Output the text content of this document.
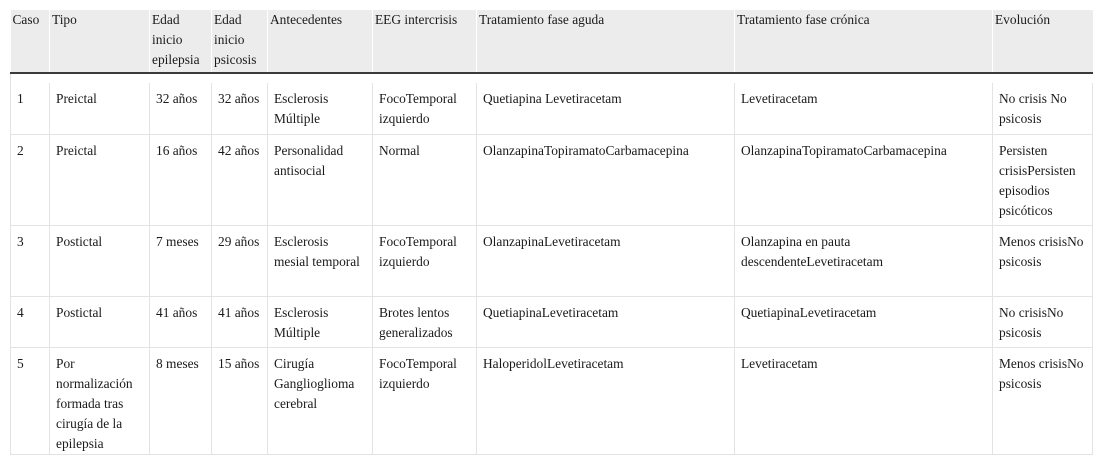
Caso	Tipo	Edad inicio epilepsia	Edad inicio psicosis	Antecedentes	EEG intercrisis	Tratamiento fase aguda	Tratamiento fase crónica	Evolución

1	Preictal	32 años	32 años	Esclerosis Múltiple	FocoTemporal izquierdo	Quetiapina Levetiracetam	Levetiracetam	No crisis No psicosis
2	Preictal	16 años	42 años	Personalidad antisocial	Normal	OlanzapinaTopiramatoCarbamacepina	OlanzapinaTopiramatoCarbamacepina	Persisten crisisPersisten episodios psicóticos
3	Postictal	7 meses	29 años	Esclerosis mesial temporal	FocoTemporal izquierdo	OlanzapinaLevetiracetam	Olanzapina en pauta descendenteLevetiracetam	Menos crisisNo psicosis
4	Postictal	41 años	41 años	Esclerosis Múltiple	Brotes lentos generalizados	QuetiapinaLevetiracetam	QuetiapinaLevetiracetam	No crisisNo psicosis
5	Por normalización formada tras cirugía de la epilepsia	8 meses	15 años	Cirugía Ganglioglioma cerebral	FocoTemporal izquierdo	HaloperidolLevetiracetam	Levetiracetam	Menos crisisNo psicosis
